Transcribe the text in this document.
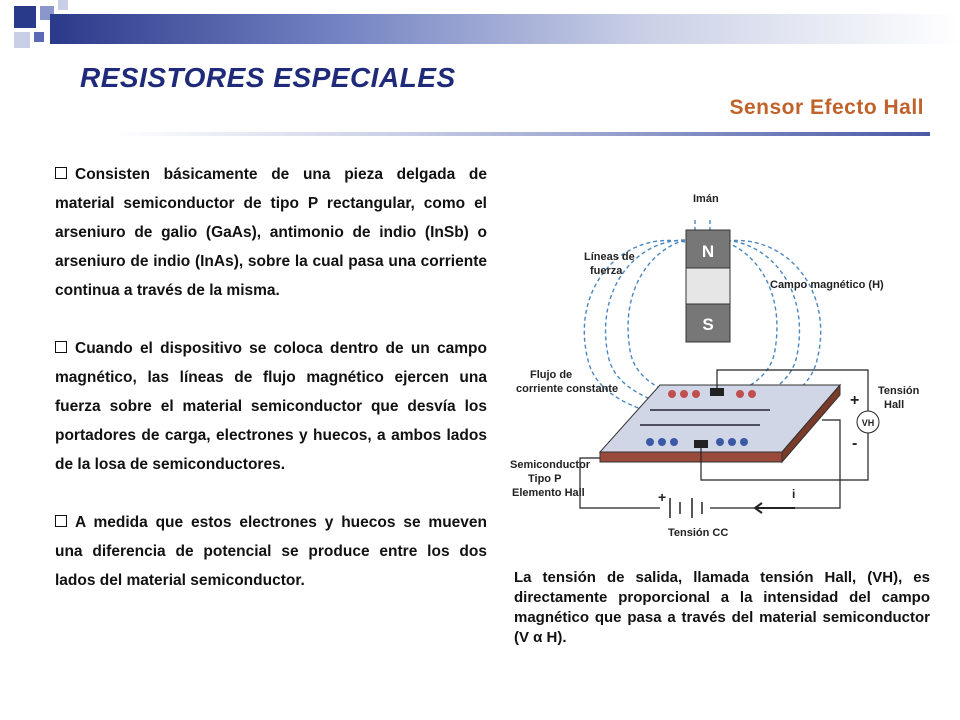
RESISTORES ESPECIALES
Sensor Efecto Hall

Consisten básicamente de una pieza delgada de material semiconductor de tipo P rectangular, como el arseniuro de galio (GaAs), antimonio de indio (InSb) o arseniuro de indio (InAs), sobre la cual pasa una corriente continua a través de la misma.

Cuando el dispositivo se coloca dentro de un campo magnético, las líneas de flujo magnético ejercen una fuerza sobre el material semiconductor que desvía los portadores de carga, electrones y huecos, a ambos lados de la losa de semiconductores.

A medida que estos electrones y huecos se mueven una diferencia de potencial se produce entre los dos lados del material semiconductor.

N
S
Imán
Líneas de
fuerza
Campo magnético (H)
Flujo de
corriente constante
VH
+
-
Tensión
Hall
+	i
Tensión CC
Semiconductor
Tipo P
Elemento Hall

La tensión de salida, llamada tensión Hall, (VH), es directamente proporcional a la intensidad del campo magnético que pasa a través del material semiconductor (V α H).
